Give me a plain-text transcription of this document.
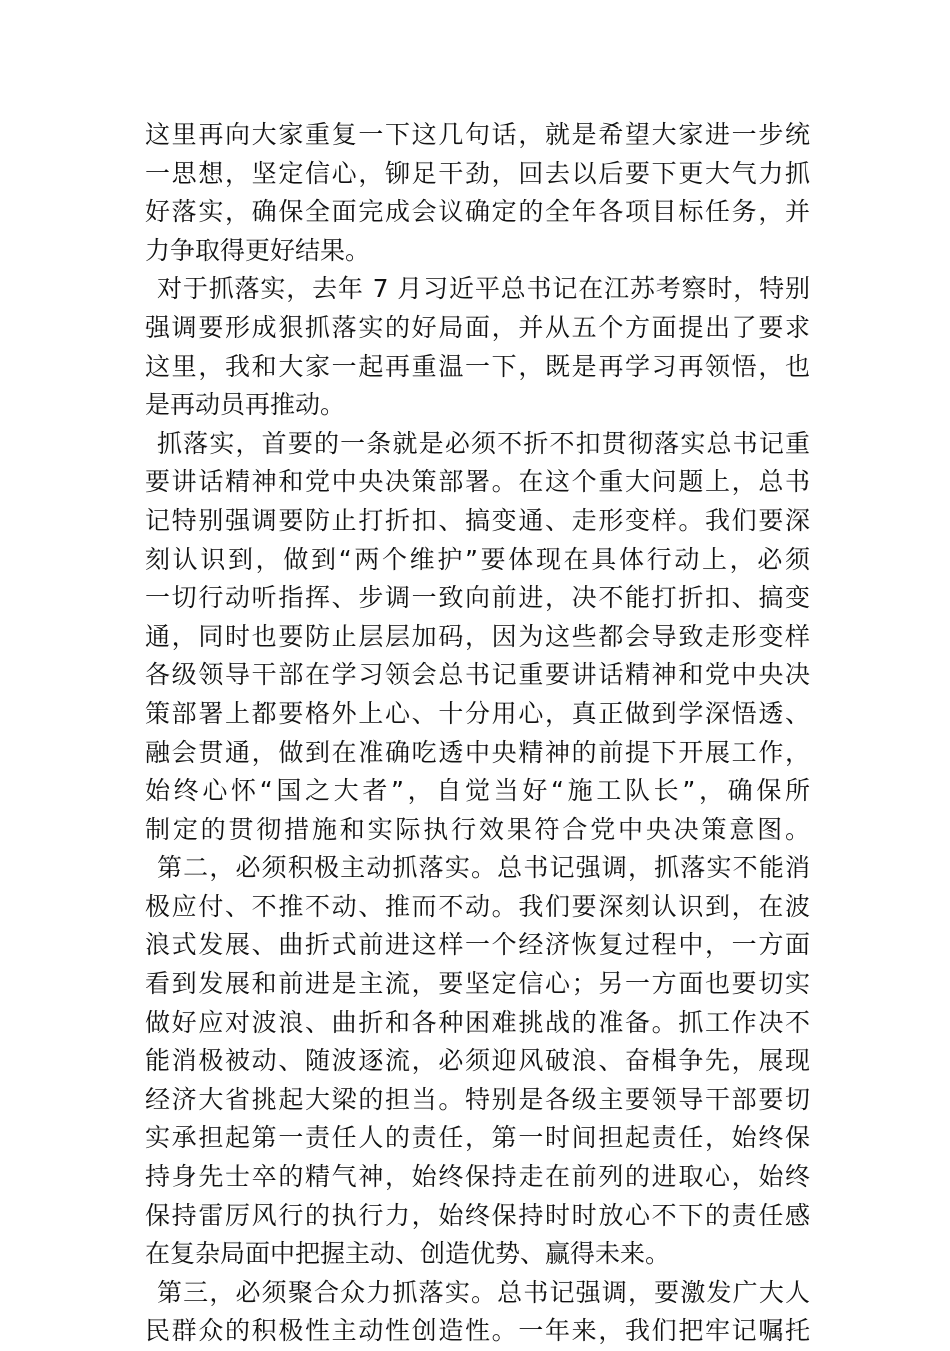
这里再向大家重复一下这几句话，就是希望大家进一步统
一思想，坚定信心，铆足干劲，回去以后要下更大气力抓
好落实，确保全面完成会议确定的全年各项目标任务，并
力争取得更好结果。
对于抓落实，去年 7 月习近平总书记在江苏考察时，特别
强调要形成狠抓落实的好局面，并从五个方面提出了要求
这里，我和大家一起再重温一下，既是再学习再领悟，也
是再动员再推动。
抓落实，首要的一条就是必须不折不扣贯彻落实总书记重
要讲话精神和党中央决策部署。在这个重大问题上，总书
记特别强调要防止打折扣、搞变通、走形变样。我们要深
刻认识到，做到“两个维护”要体现在具体行动上，必须
一切行动听指挥、步调一致向前进，决不能打折扣、搞变
通，同时也要防止层层加码，因为这些都会导致走形变样
各级领导干部在学习领会总书记重要讲话精神和党中央决
策部署上都要格外上心、十分用心，真正做到学深悟透、
融会贯通，做到在准确吃透中央精神的前提下开展工作，
始终心怀“国之大者”，自觉当好“施工队长”，确保所
制定的贯彻措施和实际执行效果符合党中央决策意图。
第二，必须积极主动抓落实。总书记强调，抓落实不能消
极应付、不推不动、推而不动。我们要深刻认识到，在波
浪式发展、曲折式前进这样一个经济恢复过程中，一方面
看到发展和前进是主流，要坚定信心；另一方面也要切实
做好应对波浪、曲折和各种困难挑战的准备。抓工作决不
能消极被动、随波逐流，必须迎风破浪、奋楫争先，展现
经济大省挑起大梁的担当。特别是各级主要领导干部要切
实承担起第一责任人的责任，第一时间担起责任，始终保
持身先士卒的精气神，始终保持走在前列的进取心，始终
保持雷厉风行的执行力，始终保持时时放心不下的责任感
在复杂局面中把握主动、创造优势、赢得未来。
第三，必须聚合众力抓落实。总书记强调，要激发广大人
民群众的积极性主动性创造性。一年来，我们把牢记嘱托
